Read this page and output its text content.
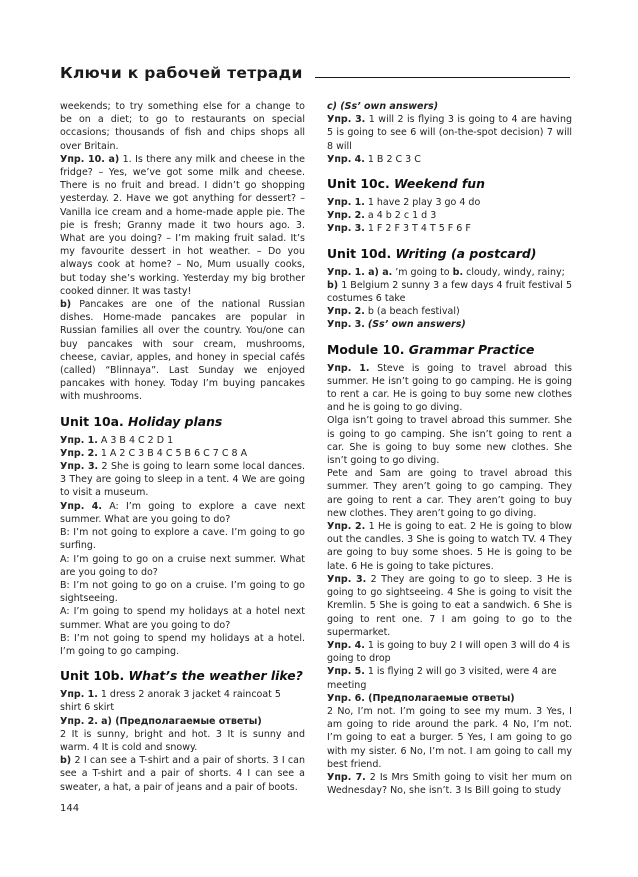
Ключи к рабочей тетради

weekends; to try something else for a change to be on a diet; to go to restaurants on special occasions; thousands of fish and chips shops all over Britain.

Упр. 10. a) 1. Is there any milk and cheese in the fridge? – Yes, we’ve got some milk and cheese. There is no fruit and bread. I didn’t go shopping yesterday. 2. Have we got anything for dessert? – Vanilla ice cream and a home-made apple pie. The pie is fresh; Granny made it two hours ago. 3. What are you doing? – I’m making fruit salad. It’s my favourite dessert in hot weather. – Do you always cook at home? – No, Mum usually cooks, but today she’s working. Yesterday my big brother cooked dinner. It was tasty!

b) Pancakes are one of the national Russian dishes. Home-made pancakes are popular in Russian families all over the country. You/one can buy pancakes with sour cream, mushrooms, cheese, caviar, apples, and honey in special cafés (called) “Blinnaya”. Last Sunday we enjoyed pancakes with honey. Today I’m buying pancakes with mushrooms.

Unit 10a. Holiday plans

Упр. 1. A 3 B 4 C 2 D 1

Упр. 2. 1 A 2 C 3 B 4 C 5 B 6 C 7 C 8 A

Упр. 3. 2 She is going to learn some local dances. 3 They are going to sleep in a tent. 4 We are going to visit a museum.

Упр. 4. A: I’m going to explore a cave next summer. What are you going to do?

B: I’m not going to explore a cave. I’m going to go surfing.

A: I’m going to go on a cruise next summer. What are you going to do?

B: I’m not going to go on a cruise. I’m going to go sightseeing.

A: I’m going to spend my holidays at a hotel next summer. What are you going to do?

B: I’m not going to spend my holidays at a hotel. I’m going to go camping.

Unit 10b. What’s the weather like?

Упр. 1. 1 dress 2 anorak 3 jacket 4 raincoat 5 shirt 6 skirt

Упр. 2. a) (Предполагаемые ответы)

2 It is sunny, bright and hot. 3 It is sunny and warm. 4 It is cold and snowy.

b) 2 I can see a T-shirt and a pair of shorts. 3 I can see a T-shirt and a pair of shorts. 4 I can see a sweater, a hat, a pair of jeans and a pair of boots.

c) (Ss’ own answers)

Упр. 3. 1 will 2 is flying 3 is going to 4 are having 5 is going to see 6 will (on-the-spot decision) 7 will 8 will

Упр. 4. 1 B 2 C 3 C

Unit 10c. Weekend fun

Упр. 1. 1 have 2 play 3 go 4 do

Упр. 2. a 4 b 2 c 1 d 3

Упр. 3. 1 F 2 F 3 T 4 T 5 F 6 F

Unit 10d. Writing (a postcard)

Упр. 1. a) a. ’m going to b. cloudy, windy, rainy;

b) 1 Belgium 2 sunny 3 a few days 4 fruit festival 5 costumes 6 take

Упр. 2. b (a beach festival)

Упр. 3. (Ss’ own answers)

Module 10. Grammar Practice

Упр. 1. Steve is going to travel abroad this summer. He isn’t going to go camping. He is going to rent a car. He is going to buy some new clothes and he is going to go diving.

Olga isn’t going to travel abroad this summer. She is going to go camping. She isn’t going to rent a car. She is going to buy some new clothes. She isn’t going to go diving.

Pete and Sam are going to travel abroad this summer. They aren’t going to go camping. They are going to rent a car. They aren’t going to buy new clothes. They aren’t going to go diving.

Упр. 2. 1 He is going to eat. 2 He is going to blow out the candles. 3 She is going to watch TV. 4 They are going to buy some shoes. 5 He is going to be late. 6 He is going to take pictures.

Упр. 3. 2 They are going to go to sleep. 3 He is going to go sightseeing. 4 She is going to visit the Kremlin. 5 She is going to eat a sandwich. 6 She is going to rent one. 7 I am going to go to the supermarket.

Упр. 4. 1 is going to buy 2 I will open 3 will do 4 is going to drop

Упр. 5. 1 is flying 2 will go 3 visited, were 4 are meeting

Упр. 6. (Предполагаемые ответы)

2 No, I’m not. I’m going to see my mum. 3 Yes, I am going to ride around the park. 4 No, I’m not. I’m going to eat a burger. 5 Yes, I am going to go with my sister. 6 No, I’m not. I am going to call my best friend.

Упр. 7. 2 Is Mrs Smith going to visit her mum on Wednesday? No, she isn’t. 3 Is Bill going to study

144
